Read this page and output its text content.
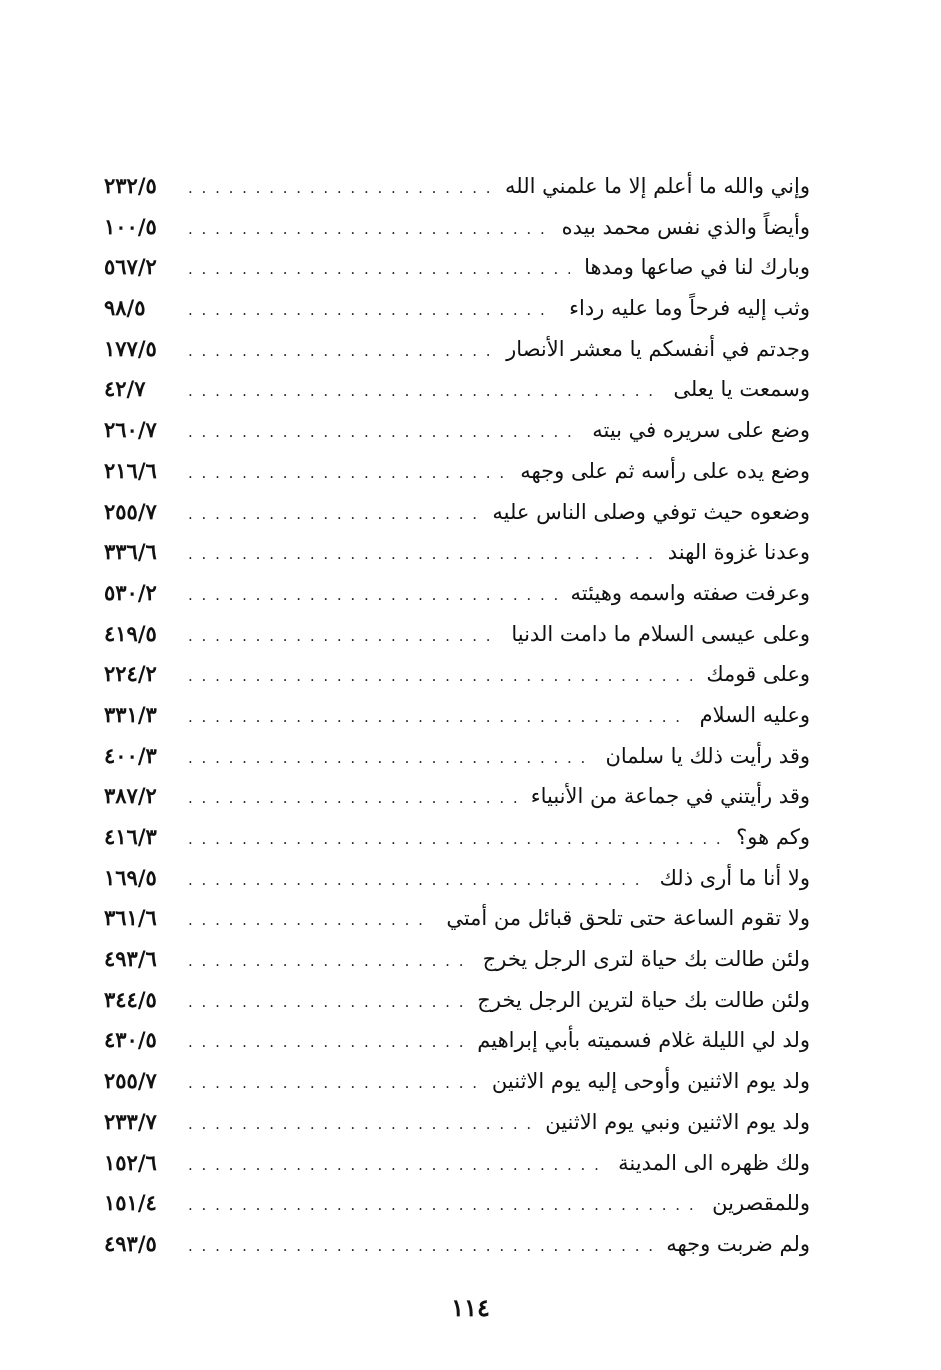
وإني والله ما أعلم إلا ما علمني الله
. . .
٢٣٢/٥
وأيضاً والذي نفس محمد بيده
. . .
١٠٠/٥
وبارك لنا في صاعها ومدها
. . .
٥٦٧/٢
وثب إليه فرحاً وما عليه رداء
. . .
٩٨/٥
وجدتم في أنفسكم يا معشر الأنصار
. . .
١٧٧/٥
وسمعت يا يعلى
. . .
٤٢/٧
وضع على سريره في بيته
. . .
٢٦٠/٧
وضع يده على رأسه ثم على وجهه
. . .
٢١٦/٦
وضعوه حيث توفي وصلى الناس عليه
. . .
٢٥٥/٧
وعدنا غزوة الهند
. . .
٣٣٦/٦
وعرفت صفته واسمه وهيئته
. . .
٥٣٠/٢
وعلى عيسى السلام ما دامت الدنيا
. . .
٤١٩/٥
وعلى قومك
. . .
٢٢٤/٢
وعليه السلام
. . .
٣٣١/٣
وقد رأيت ذلك يا سلمان
. . .
٤٠٠/٣
وقد رأيتني في جماعة من الأنبياء
. . .
٣٨٧/٢
وكم هو؟
. . .
٤١٦/٣
ولا أنا ما أرى ذلك
. . .
١٦٩/٥
ولا تقوم الساعة حتى تلحق قبائل من أمتي
. . .
٣٦١/٦
ولئن طالت بك حياة لترى الرجل يخرج
. . .
٤٩٣/٦
ولئن طالت بك حياة لترين الرجل يخرج
. . .
٣٤٤/٥
ولد لي الليلة غلام فسميته بأبي إبراهيم
. . .
٤٣٠/٥
ولد يوم الاثنين وأوحى إليه يوم الاثنين
. . .
٢٥٥/٧
ولد يوم الاثنين ونبي يوم الاثنين
. . .
٢٣٣/٧
ولك ظهره الى المدينة
. . .
١٥٢/٦
وللمقصرين
. . .
١٥١/٤
ولم ضربت وجهه
. . .
٤٩٣/٥
١١٤
